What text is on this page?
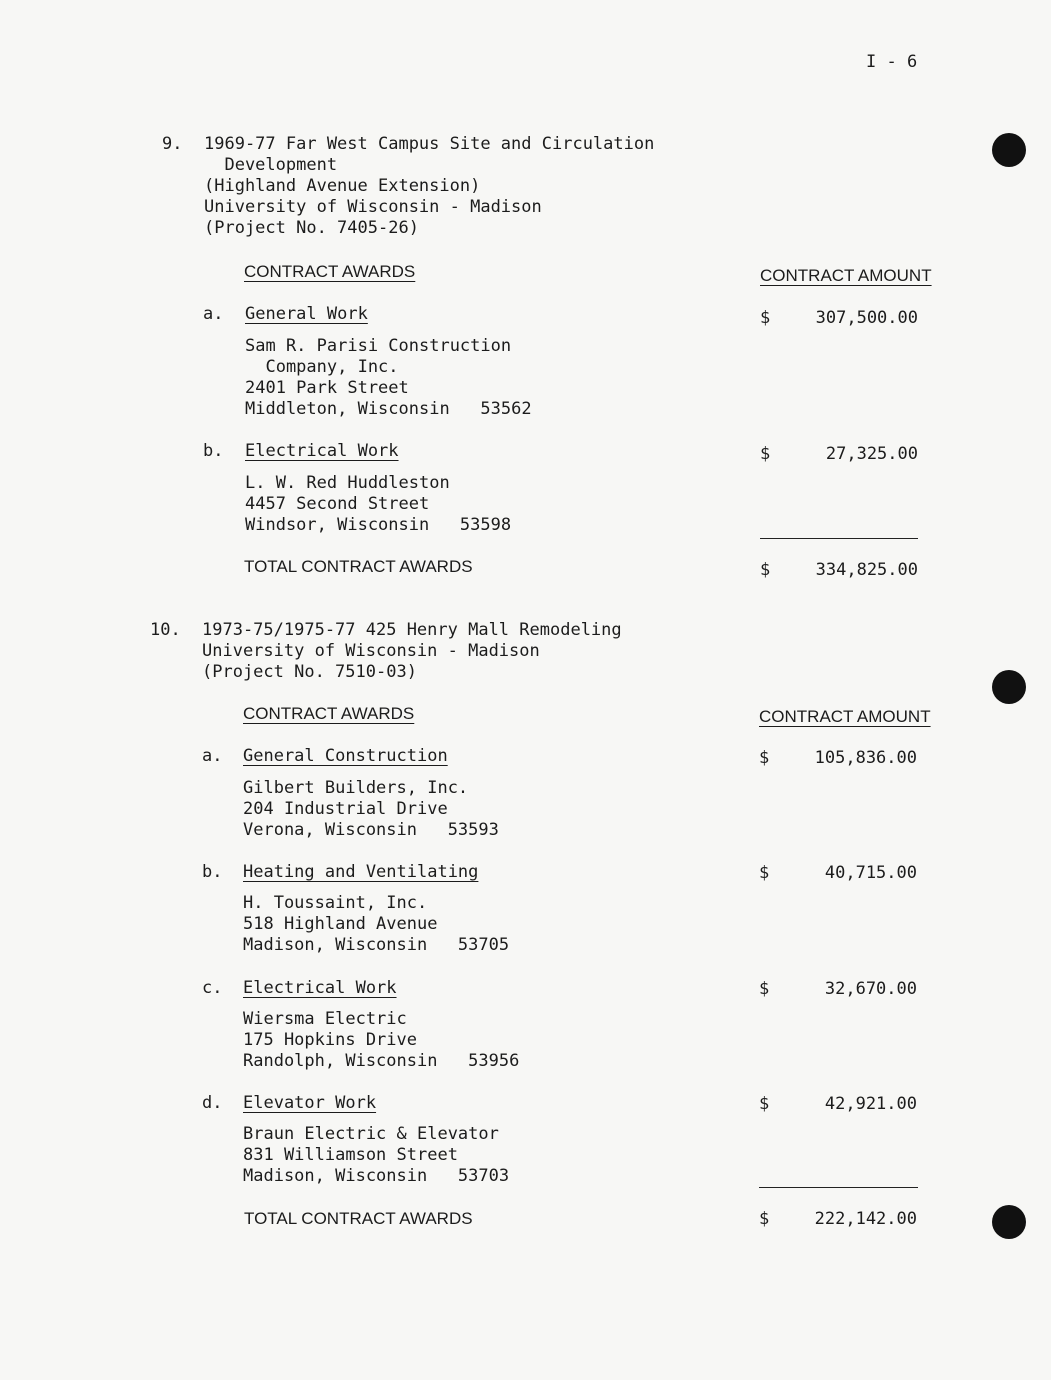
I - 6
9. 1969-77 Far West Campus Site and Circulation
Development
(Highland Avenue Extension)
University of Wisconsin - Madison
(Project No. 7405-26)
CONTRACT AWARDS	CONTRACT AMOUNT
a. General Work	$	307,500.00
Sam R. Parisi Construction
Company, Inc.
2401 Park Street
Middleton, Wisconsin   53562
b. Electrical Work	$	27,325.00
L. W. Red Huddleston
4457 Second Street
Windsor, Wisconsin   53598
TOTAL CONTRACT AWARDS	$	334,825.00
10. 1973-75/1975-77 425 Henry Mall Remodeling
University of Wisconsin - Madison
(Project No. 7510-03)
CONTRACT AWARDS	CONTRACT AMOUNT
a. General Construction	$	105,836.00
Gilbert Builders, Inc.
204 Industrial Drive
Verona, Wisconsin   53593
b. Heating and Ventilating	$	40,715.00
H. Toussaint, Inc.
518 Highland Avenue
Madison, Wisconsin   53705
c. Electrical Work	$	32,670.00
Wiersma Electric
175 Hopkins Drive
Randolph, Wisconsin   53956
d. Elevator Work	$	42,921.00
Braun Electric & Elevator
831 Williamson Street
Madison, Wisconsin   53703
TOTAL CONTRACT AWARDS	$	222,142.00
